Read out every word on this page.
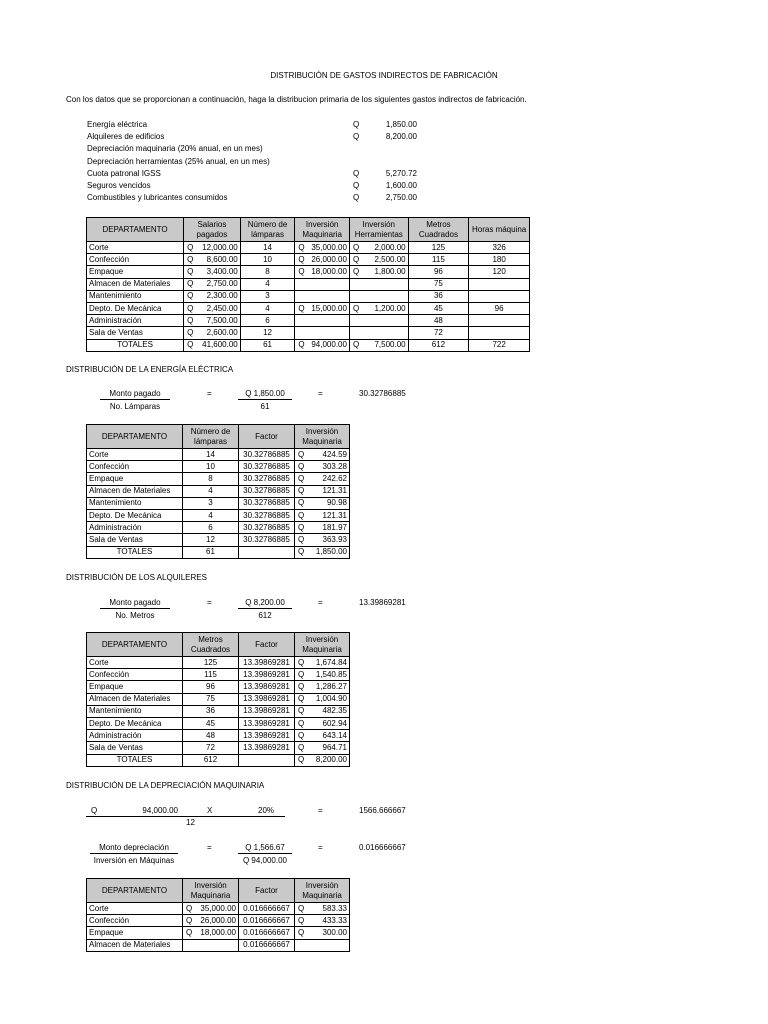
DISTRIBUCIÓN DE GASTOS INDIRECTOS DE FABRICACIÓN
Con los datos que se proporcionan a continuación, haga la distribucion primaria de los siguientes gastos indirectos de fabricación.
Energía eléctrica	Q	1,850.00
Alquileres de edificios	Q	8,200.00
Depreciación maquinaria (20% anual, en un mes)
Depreciación herramientas (25% anual, en un mes)
Cuota patronal IGSS	Q	5,270.72
Seguros vencidos	Q	1,600.00
Combustibles y lubricantes consumidos	Q	2,750.00
DEPARTAMENTO	Salarios pagados	Número de lámparas	Inversión Maquinaria	Inversión Herramientas	Metros Cuadrados	Horas máquina
Corte	Q 12,000.00	14	Q 35,000.00	Q 2,000.00	125	326
Confección	Q 8,600.00	10	Q 26,000.00	Q 2,500.00	115	180
Empaque	Q 3,400.00	8	Q 18,000.00	Q 1,800.00	96	120
Almacen de Materiales	Q 2,750.00	4			75	
Mantenimiento	Q 2,300.00	3			36	
Depto. De Mecánica	Q 2,450.00	4	Q 15,000.00	Q 1,200.00	45	96
Administración	Q 7,500.00	6			48	
Sala de Ventas	Q 2,600.00	12			72	
TOTALES	Q 41,600.00	61	Q 94,000.00	Q 7,500.00	612	722
DISTRIBUCIÓN DE LA ENERGÍA ELÉCTRICA
Monto pagado
No. Lámparas
=	Q 1,850.00
61
=	30.32786885
DEPARTAMENTO	Número de lámparas	Factor	Inversión Maquinaria
Corte	14	30.32786885	Q 424.59

Confección	10	30.32786885	Q 303.28

Empaque	8	30.32786885	Q 242.62

Almacen de Materiales	4	30.32786885	Q 121.31

Mantenimiento	3	30.32786885	Q 90.98

Depto. De Mecánica	4	30.32786885	Q 121.31

Administración	6	30.32786885	Q 181.97

Sala de Ventas	12	30.32786885	Q 363.93

TOTALES	61		Q 1,850.00
DISTRIBUCIÓN DE LOS ALQUILERES
Monto pagado
No. Metros
=	Q 8,200.00
612
=	13.39869281
DEPARTAMENTO	Metros Cuadrados	Factor	Inversión Maquinaria
Corte	125	13.39869281	Q 1,674.84

Confección	115	13.39869281	Q 1,540.85

Empaque	96	13.39869281	Q 1,286.27

Almacen de Materiales	75	13.39869281	Q 1,004.90

Mantenimiento	36	13.39869281	Q 482.35

Depto. De Mecánica	45	13.39869281	Q 602.94

Administración	48	13.39869281	Q 643.14

Sala de Ventas	72	13.39869281	Q 964.71

TOTALES	612		Q 8,200.00
DISTRIBUCIÓN DE LA DEPRECIACIÓN MAQUINARIA
Q	94,000.00	X	20%	=	1566.666667
12
Monto depreciación
Inversión en Máquinas
=	Q 1,566.67
Q 94,000.00
=	0.016666667
DEPARTAMENTO	Inversión Maquinaria	Factor	Inversión Maquinaria
Corte	Q 35,000.00	0.016666667	Q 583.33

Confección	Q 26,000.00	0.016666667	Q 433.33

Empaque	Q 18,000.00	0.016666667	Q 300.00

Almacen de Materiales		0.016666667	
